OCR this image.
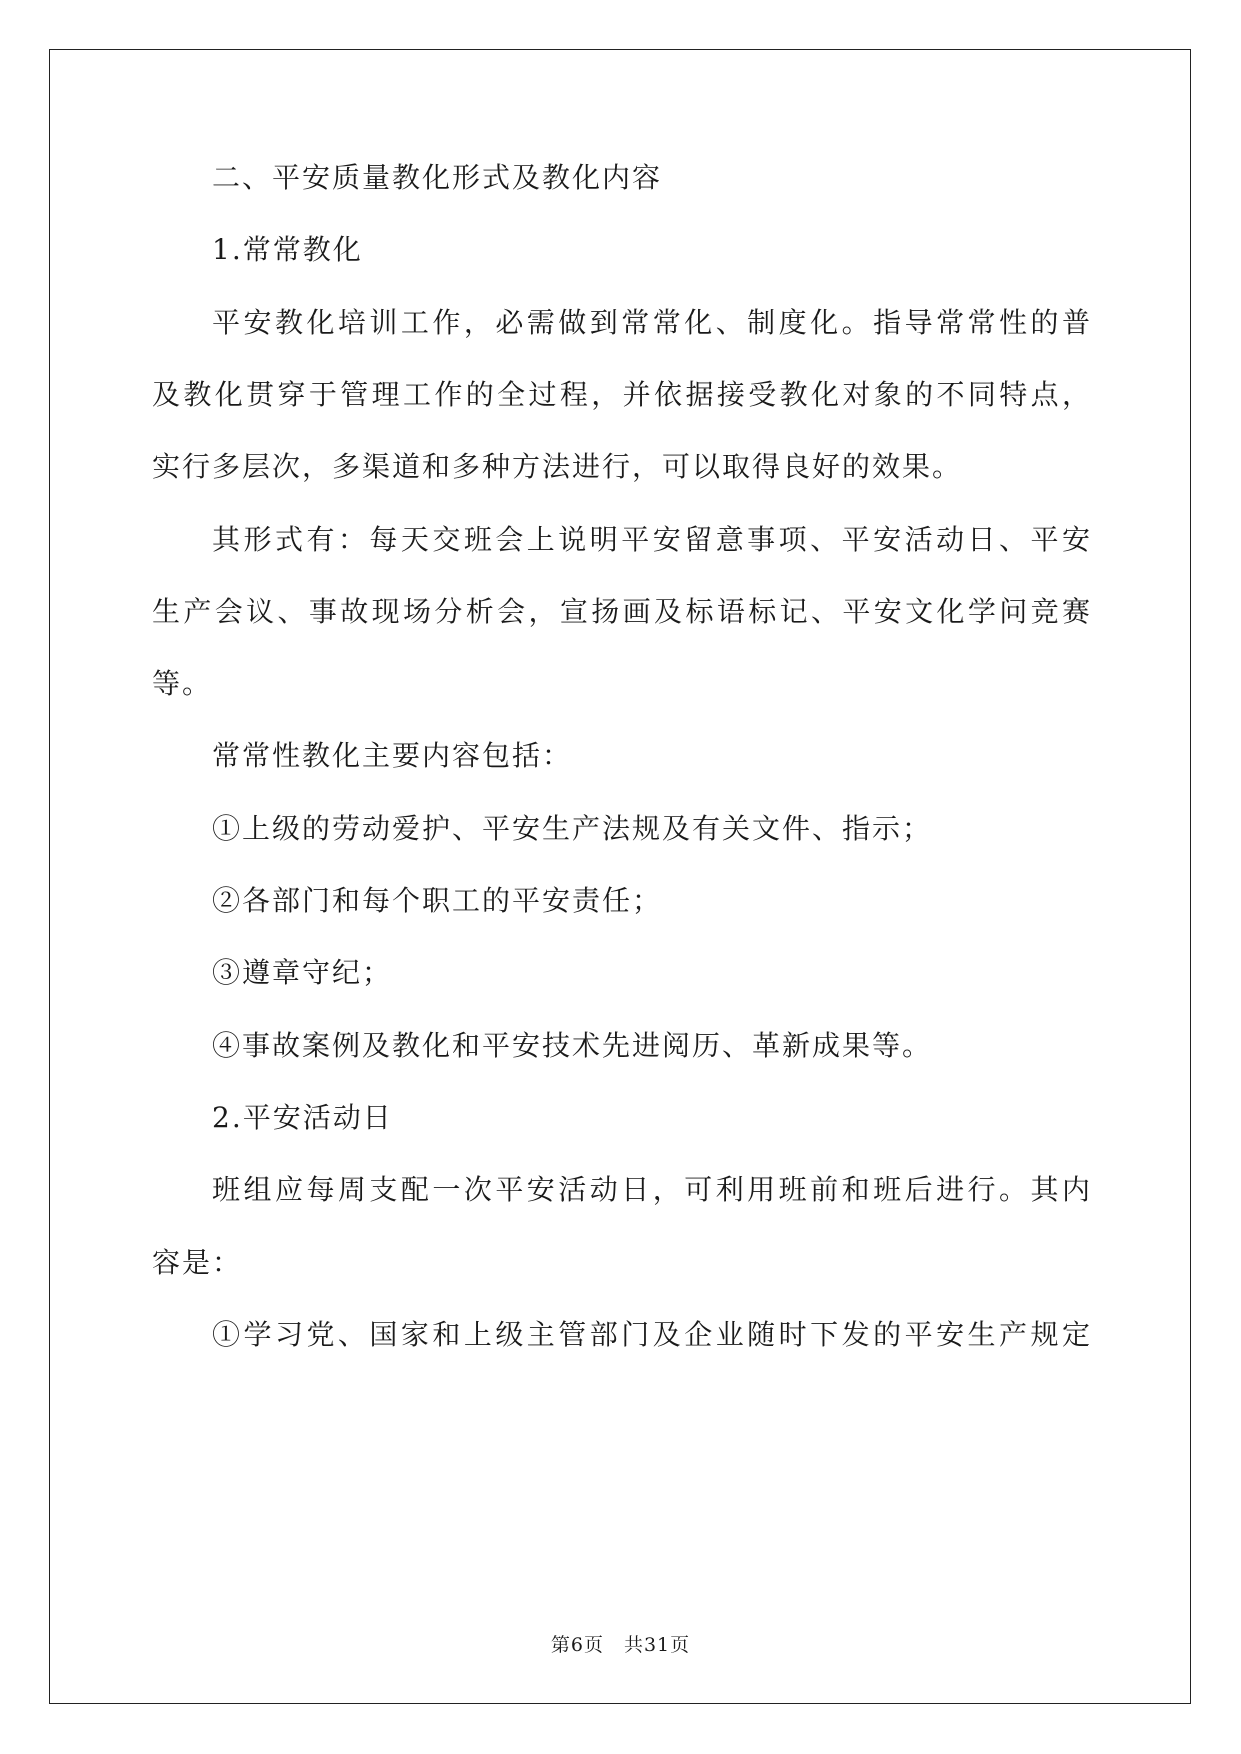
二、平安质量教化形式及教化内容
1.常常教化
平安教化培训工作，必需做到常常化、制度化。指导常常性的普
及教化贯穿于管理工作的全过程，并依据接受教化对象的不同特点，
实行多层次，多渠道和多种方法进行，可以取得良好的效果。
其形式有：每天交班会上说明平安留意事项、平安活动日、平安
生产会议、事故现场分析会，宣扬画及标语标记、平安文化学问竞赛
等。
常常性教化主要内容包括：
①上级的劳动爱护、平安生产法规及有关文件、指示；
②各部门和每个职工的平安责任；
③遵章守纪；
④事故案例及教化和平安技术先进阅历、革新成果等。
2.平安活动日
班组应每周支配一次平安活动日，可利用班前和班后进行。其内
容是：
①学习党、国家和上级主管部门及企业随时下发的平安生产规定
第6页 共31页
